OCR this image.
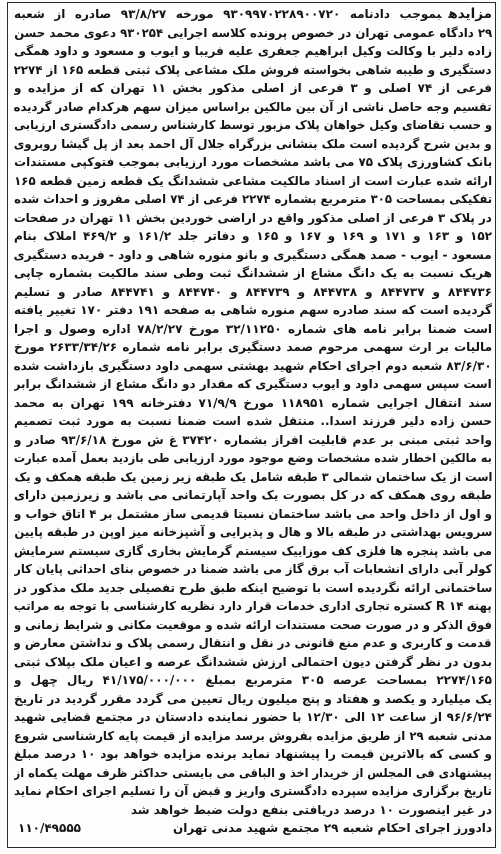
مزایدهبموجب دادنامه ۹۳۰۹۹۷۰۲۲۸۹۰۰۷۲۰ مورخه ۹۳/۸/۲۷ صادره از شعبه
۲۹ دادگاه عمومی تهران در خصوص پرونده کلاسه اجرایی ۹۳۰۲۵۴ دعوی محمد حسن
زاده دلیر با وکالت وکیل ابراهیم جعفری علیه فریبا و ایوب و مسعود و داود همگی
دستگیری و طیبه شاهی بخواسته فروش ملک مشاعی پلاک ثبتی قطعه ۱۶۵ از ۲۲۷۴
فرعی از ۷۴ اصلی و ۳ فرعی از اصلی مذکور بخش ۱۱ تهران که از مزایده و
تقسیم وجه حاصل ناشی از آن بین مالکین براساس میزان سهم هرکدام صادر گردیده
و حسب تقاضای وکیل خواهان پلاک مزبور توسط کارشناس رسمی دادگستری ارزیابی
و بدین شرح گردیده است ملک بنشانی بزرگراه جلال آل احمد بعد از پل گیشا روبروی
بانک کشاورزی پلاک ۷۵ می باشد مشخصات مورد ارزیابی بموجب فتوکپی مستندات
ارائه شده عبارت است از اسناد مالکیت مشاعی ششدانگ یک قطعه زمین قطعه ۱۶۵
تفکیکی بمساحت ۳۰۵ مترمربع بشماره ۲۲۷۴ فرعی از ۷۴ اصلی مفروز و احداث شده
در پلاک ۳ فرعی از اصلی مذکور واقع در اراضی خوردین بخش ۱۱ تهران در صفحات
۱۵۲ و ۱۶۳ و ۱۷۱ و ۱۶۹ و ۱۶۷ و ۱۶۵ و دفاتر جلد ۱۶۱/۲ و ۴۶۹/۲ املاک بنام
مسعود - ایوب - صمد همگی دستگیری و بانو منوره شاهی و داود - فریده دستگیری
هریک نسبت به یک دانگ مشاع از ششدانگ ثبت وطی سند مالکیت بشماره چاپی
۸۴۴۷۳۶ و ۸۴۴۷۳۷ و ۸۴۴۷۳۸ و ۸۴۴۷۳۹ و ۸۴۴۷۴۰ و ۸۴۴۷۴۱ صادر و تسلیم
گردیده است که سند صادره سهم منوره شاهی به صفحه ۱۹۱ دفتر ۱۷۰ تغییر یافته
است ضمنا برابر نامه های شماره ۳۲/۱۱۲۵۰ مورخ ۷۸/۲/۲۷ اداره وصول و اجرا
مالیات بر ارث سهمی مرحوم صمد دستگیری برابر نامه شماره ۲۶۳۳/۳۴/۲۶ مورخ
۸۳/۶/۳۰ شعبه دوم اجرای احکام شهید بهشتی سهمی داود دستگیری بازداشت شده
است سپس سهمی داود و ایوب دستگیری که مقدار دو دانگ مشاع از ششدانگ برابر
سند انتقال اجرایی شماره ۱۱۸۹۵۱ مورخ ۷۱/۹/۹ دفترخانه ۱۹۹ تهران به محمد
حسن زاده دلیر فرزند اسدا.. منتقل شده است ضمنا نسبت به مورد ثبت تصمیم
واحد ثبتی مبنی بر عدم قابلیت افراز بشماره ۳۷۴۲۰ غ ش مورخ ۹۳/۶/۱۸ صادر و
به مالکین اخطار شده مشخصات وضع موجود مورد ارزیابی طی بازدید بعمل آمده عبارت
است از یک ساختمان شمالی ۳ طبقه شامل یک طبقه زیر زمین یک طبقه همکف و یک
طبقه روی همکف که در کل بصورت یک واحد آپارتمانی می باشد و زیرزمین دارای
و اول از داخل واحد می باشد ساختمان نسبتا قدیمی ساز مشتمل بر ۴ اتاق خواب و
سرویس بهداشتی در طبقه بالا و هال و پذیرایی و آشپزخانه میز اوپن در طبقه پایین
می باشد پنجره ها فلزی کف موزاییک سیستم گرمایش بخاری گازی سیستم سرمایش
کولر آبی دارای انشعابات آب برق گاز می باشد ضمنا در خصوص بنای احداثی پایان کار
ساختمانی ارائه نگردیده است با توضیح اینکه طبق طرح تفصیلی جدید ملک مذکور در
پهنه ۱۴ R کستره تجاری اداری خدمات قرار دارد نظریه کارشناسی با توجه به مراتب
فوق الذکر و در صورت صحت مستندات ارائه شده و موقعیت مکانی و شرایط زمانی و
قدمت و کاربری و عدم منع قانونی در نقل و انتقال رسمی پلاک و نداشتن معارض و
بدون در نظر گرفتن دیون احتمالی ارزش ششدانگ عرصه و اعیان ملک بپلاک ثبتی
۲۲۷۴/۱۶۵ بمساحت عرصه ۳۰۵ مترمربع بمبلغ ۴۱/۱۷۵/۰۰۰/۰۰۰ ریال چهل و
یک میلیارد و یکصد و هفتاد و پنج میلیون ریال تعیین می گردد مقرر گردید در تاریخ
۹۶/۶/۲۴ از ساعت ۱۲ الی ۱۲/۳۰ با حضور نماینده دادستان در مجتمع قضایی شهید
مدنی شعبه ۲۹ از طریق مزایده بفروش برسد مزایده از قیمت پایه کارشناسی شروع
و کسی که بالاترین قیمت را پیشنهاد نماید برنده مزایده خواهد بود ۱۰ درصد مبلغ
پیشنهادی فی المجلس از خریدار اخذ و الباقی می بایستی حداکثر ظرف مهلت یکماه از
تاریخ برگزاری مزایده سپرده دادگستری واریز و قبض آن را تسلیم اجرای احکام نماید
در غیر اینصورت ۱۰ درصد دریافتی بنفع دولت ضبط خواهد شد
دادورز اجرای احکام شعبه ۲۹ مجتمع شهید مدنی تهران
۱۱۰/۴۹۵۵۵
